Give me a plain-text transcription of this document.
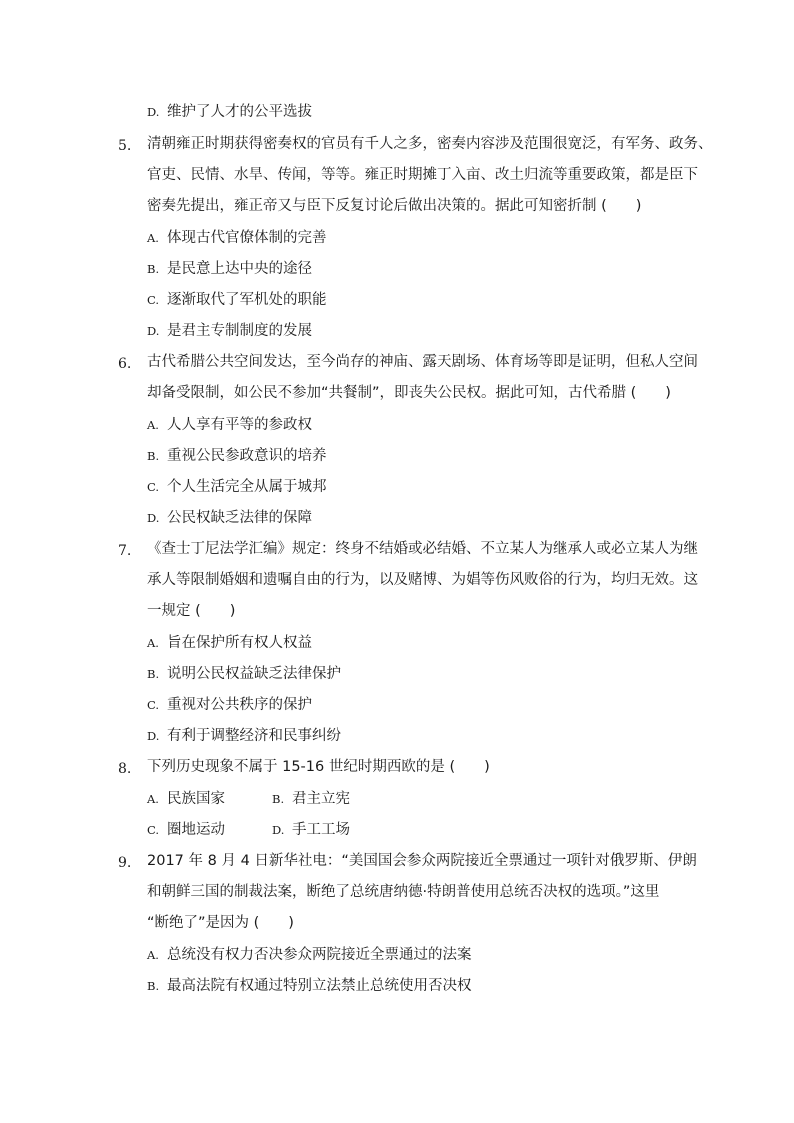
D. 维护了人才的公平选拔
5.	清朝雍正时期获得密奏权的官员有千人之多，密奏内容涉及范围很宽泛，有军务、政务、
官吏、民情、水旱、传闻，等等。雍正时期摊丁入亩、改土归流等重要政策，都是臣下
密奏先提出，雍正帝又与臣下反复讨论后做出决策的。据此可知密折制 (　　)
A. 体现古代官僚体制的完善
B. 是民意上达中央的途径
C. 逐渐取代了军机处的职能
D. 是君主专制制度的发展
6.	古代希腊公共空间发达，至今尚存的神庙、露天剧场、体育场等即是证明，但私人空间
却备受限制，如公民不参加“共餐制”，即丧失公民权。据此可知，古代希腊 (　　)
A. 人人享有平等的参政权
B. 重视公民参政意识的培养
C. 个人生活完全从属于城邦
D. 公民权缺乏法律的保障
7.	《查士丁尼法学汇编》规定：终身不结婚或必结婚、不立某人为继承人或必立某人为继
承人等限制婚姻和遗嘱自由的行为，以及赌博、为娼等伤风败俗的行为，均归无效。这
一规定 (　　)
A. 旨在保护所有权人权益
B. 说明公民权益缺乏法律保护
C. 重视对公共秩序的保护
D. 有利于调整经济和民事纠纷
8.	下列历史现象不属于 15-16 世纪时期西欧的是 (　　)
A. 民族国家	B. 君主立宪
C. 圈地运动	D. 手工工场
9.	2017 年 8 月 4 日新华社电：“美国国会参众两院接近全票通过一项针对俄罗斯、伊朗
和朝鲜三国的制裁法案，断绝了总统唐纳德·特朗普使用总统否决权的选项。”这里
“断绝了”是因为 (　　)
A. 总统没有权力否决参众两院接近全票通过的法案
B. 最高法院有权通过特别立法禁止总统使用否决权
